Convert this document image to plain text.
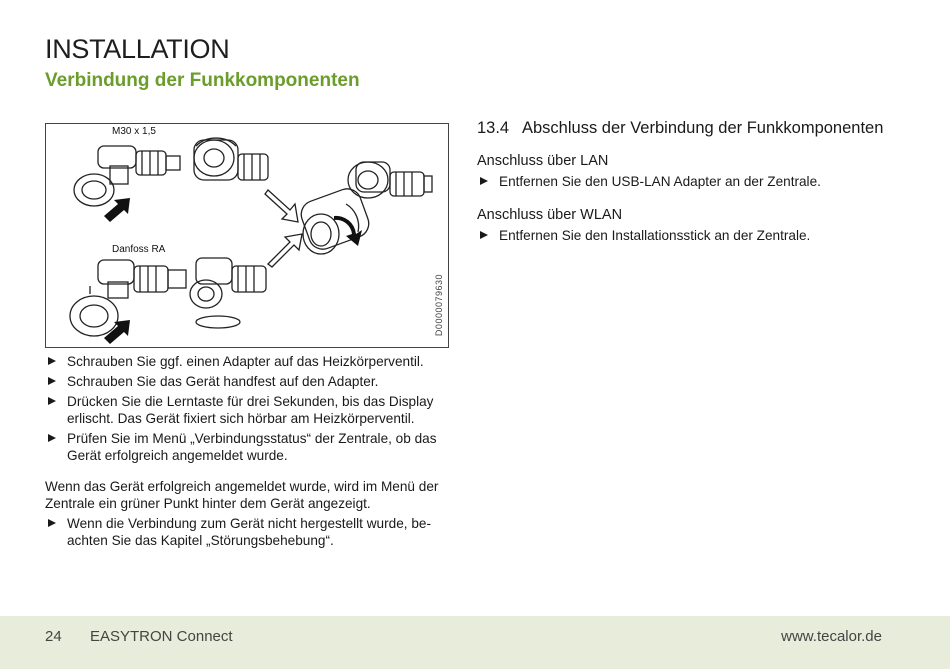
INSTALLATION
Verbindung der Funkkomponenten
M30 x 1,5
Danfoss RA
D0000079630
Schrauben Sie ggf. einen Adapter auf das Heizkörperventil.
Schrauben Sie das Gerät handfest auf den Adapter.
Drücken Sie die Lerntaste für drei Sekunden, bis das Display erlischt. Das Gerät fixiert sich hörbar am Heizkörperventil.
Prüfen Sie im Menü „Verbindungsstatus“ der Zentrale, ob das Gerät erfolgreich angemeldet wurde.

Wenn das Gerät erfolgreich angemeldet wurde, wird im Menü der Zentrale ein grüner Punkt hinter dem Gerät angezeigt.

Wenn die Verbindung zum Gerät nicht hergestellt wurde, beachten Sie das Kapitel „Störungsbehebung“.
13.4 Abschluss der Verbindung der Funkkomponenten
Anschluss über LAN
Entfernen Sie den USB-LAN Adapter an der Zentrale.
Anschluss über WLAN
Entfernen Sie den Installationsstick an der Zentrale.
24 EASYTRON Connect	www.tecalor.de
